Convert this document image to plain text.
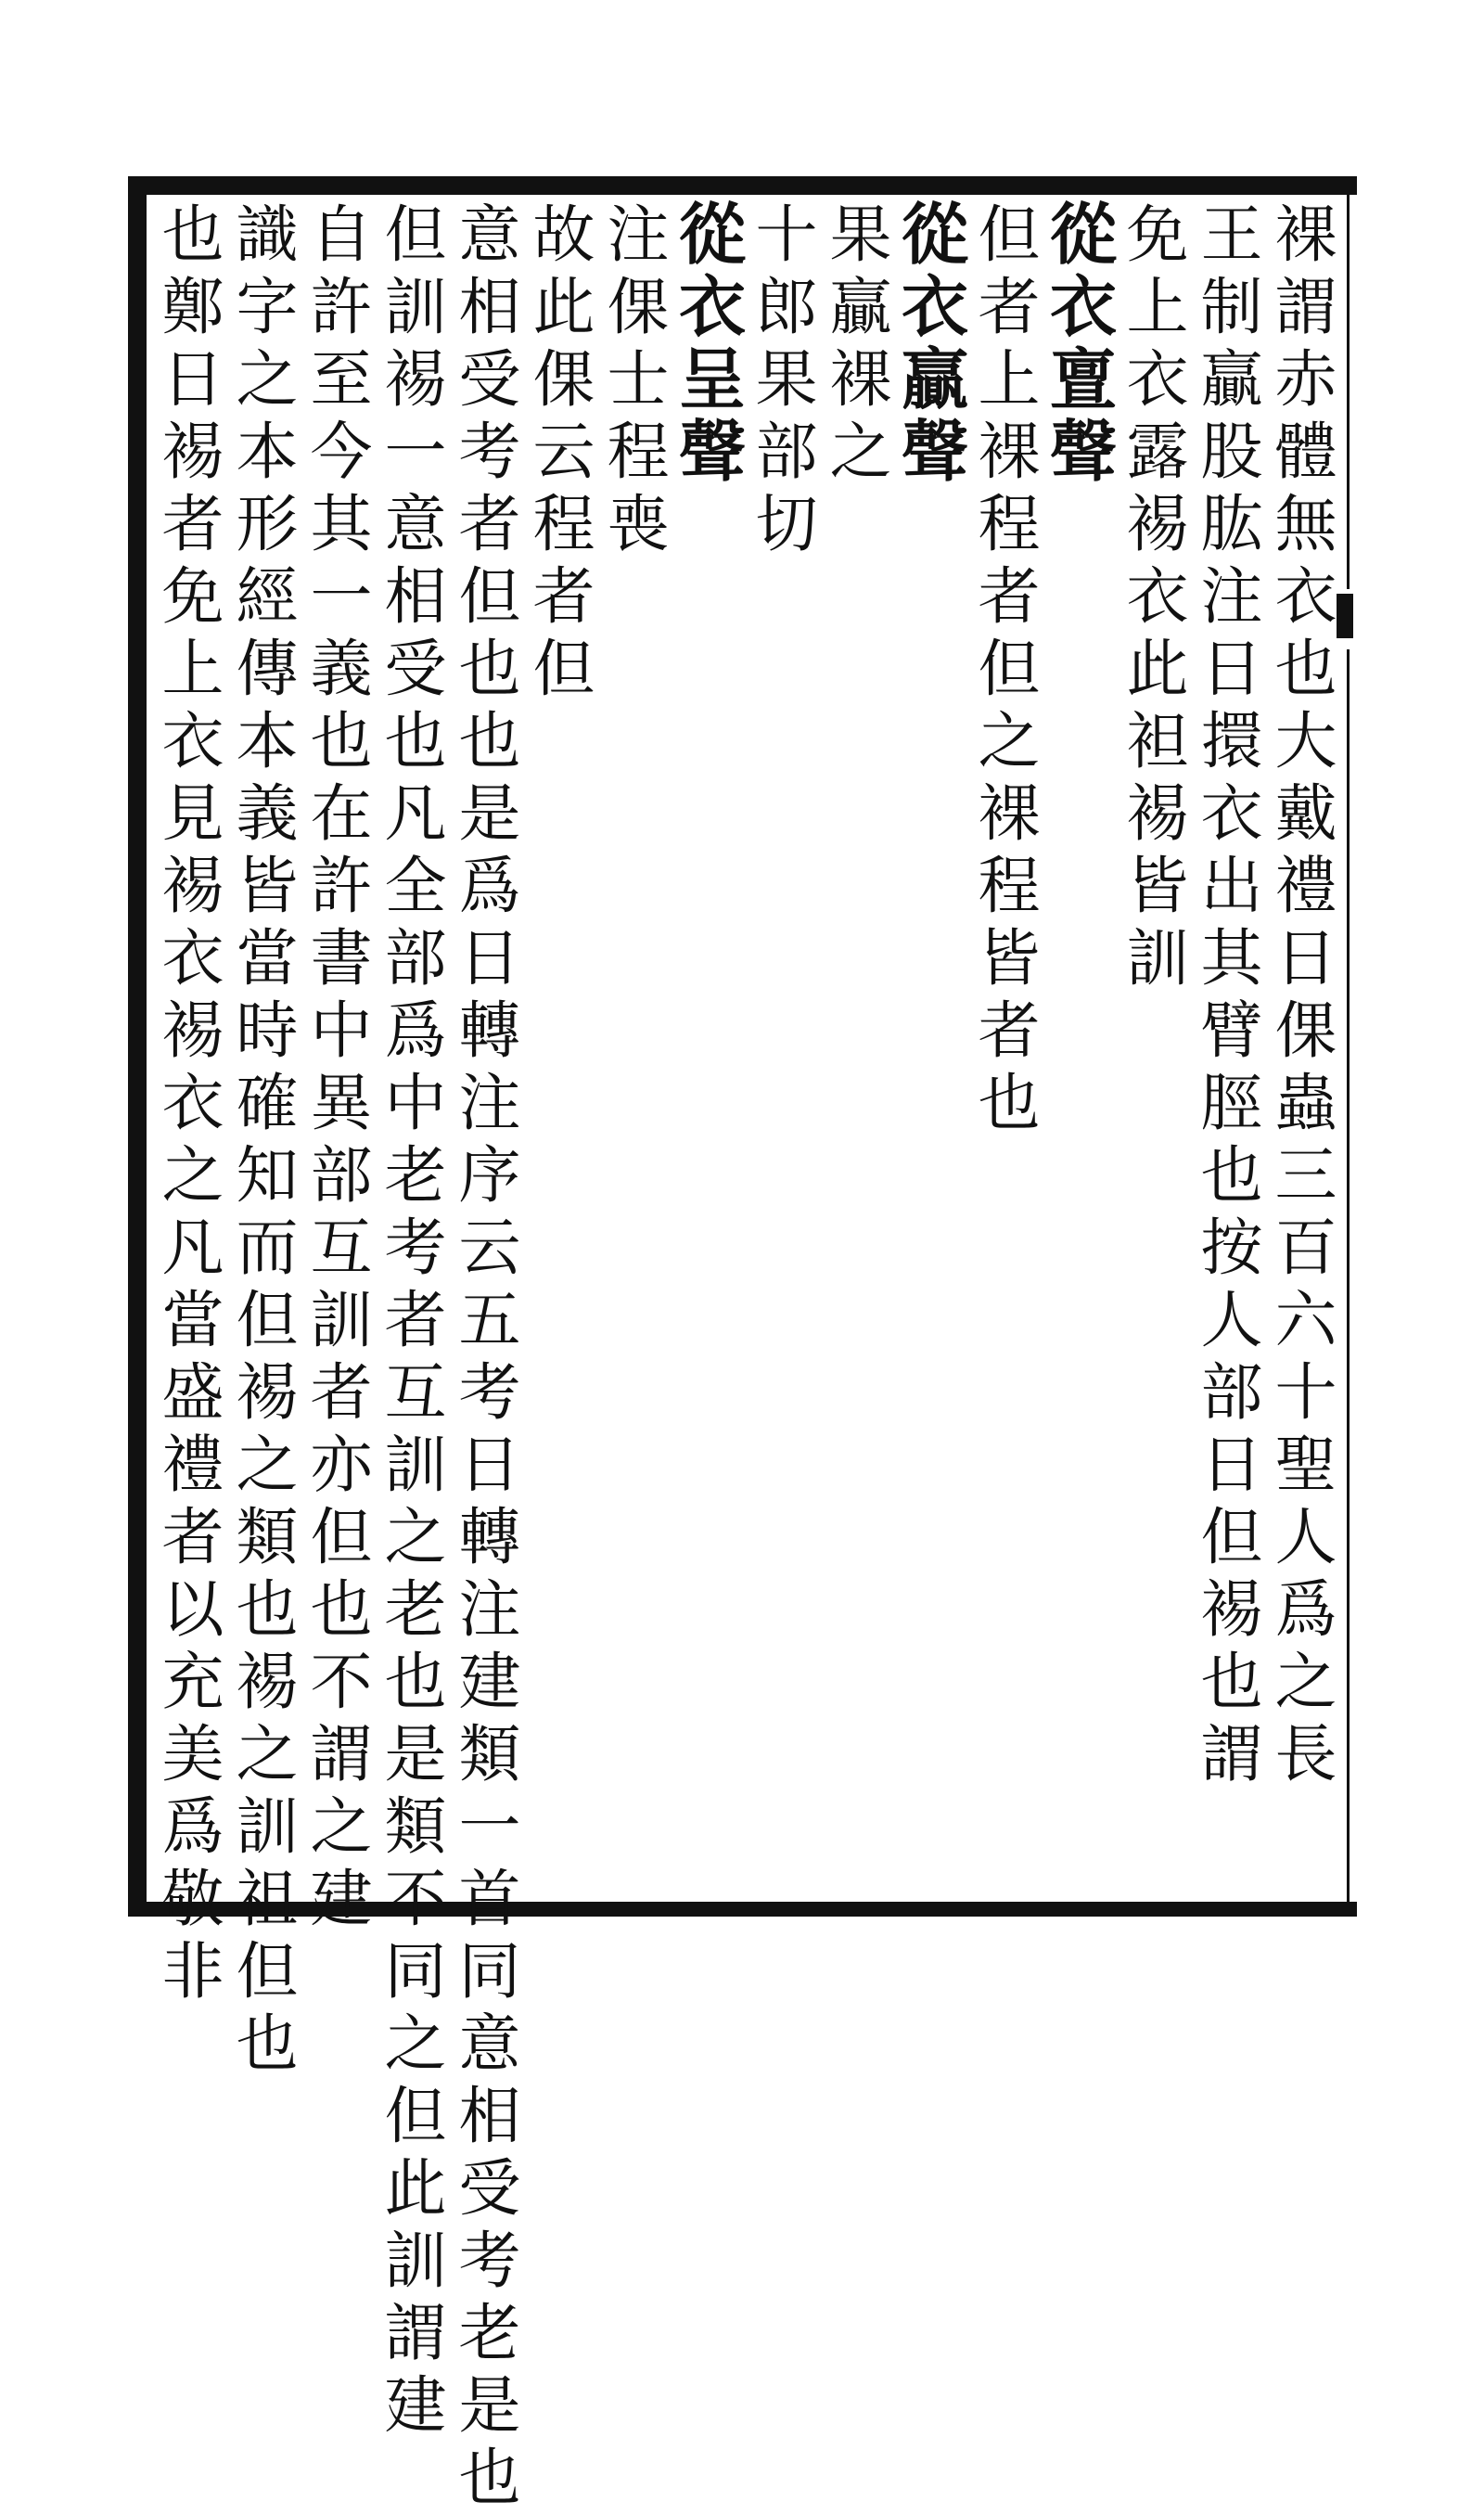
裸謂赤體無衣也大戴禮日倮蟲三百六十聖人爲之長
王制贏股肱注日擐衣出其臂脛也按人部日但裼也謂
免上衣露裼衣此袒裼皆訓
從衣亶聲
但者上裸程者但之裸程皆者也
從衣贏聲
果贏裸之
十郎果部切
從衣呈聲
注倮士程喪
故此倮云程者但
意相受考者但也也是爲日轉注序云五考日轉注建類一首同意相受考老是也
但訓裼一意相受也凡全部爲中老考者互訓之老也是類不同之但此訓謂建
自許至今其一義也在許書中異部互訓者亦但也不謂之建
識字之本形經傳本義皆當時確知而但裼之類也裼之訓祖但也
也鄭日裼者免上衣見裼衣裼衣之凡當盛禮者以充美爲敬非
